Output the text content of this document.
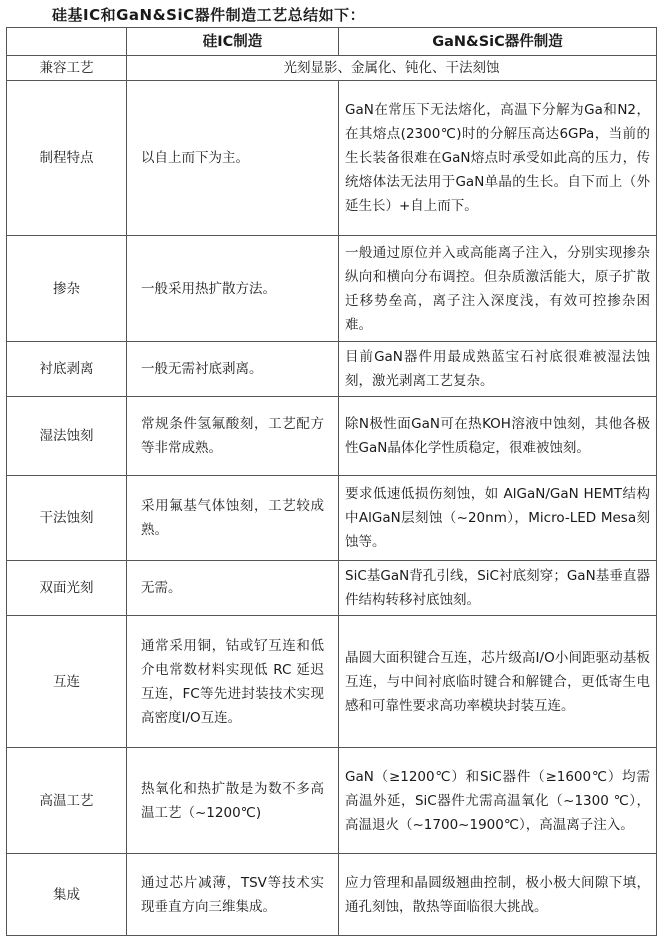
硅基IC和GaN&SiC器件制造工艺总结如下：
	硅IC制造	GaN&SiC器件制造
兼容工艺	光刻显影、金属化、钝化、干法刻蚀	
制程特点	以自上而下为主。	GaN在常压下无法熔化，高温下分解为Ga和N2，在其熔点(2300℃)时的分解压高达6GPa，当前的生长装备很难在GaN熔点时承受如此高的压力，传统熔体法无法用于GaN单晶的生长。自下而上（外延生长）+自上而下。
掺杂	一般采用热扩散方法。	一般通过原位并入或高能离子注入，分别实现掺杂纵向和横向分布调控。但杂质激活能大，原子扩散迁移势垒高，离子注入深度浅，有效可控掺杂困难。
衬底剥离	一般无需衬底剥离。	目前GaN器件用最成熟蓝宝石衬底很难被湿法蚀刻，激光剥离工艺复杂。
湿法蚀刻	常规条件氢氟酸刻，工艺配方等非常成熟。	除N极性面GaN可在热KOH溶液中蚀刻，其他各极性GaN晶体化学性质稳定，很难被蚀刻。
干法蚀刻	采用氟基气体蚀刻，工艺较成熟。	要求低速低损伤刻蚀，如 AlGaN/GaN HEMT结构中AlGaN层刻蚀（~20nm），Micro-LED Mesa刻蚀等。
双面光刻	无需。	SiC基GaN背孔引线，SiC衬底刻穿；GaN基垂直器件结构转移衬底蚀刻。
互连	通常采用铜，钴或钌互连和低介电常数材料实现低 RC 延迟互连，FC等先进封装技术实现高密度I/O互连。	晶圆大面积键合互连，芯片级高I/O小间距驱动基板互连，与中间衬底临时键合和解键合，更低寄生电感和可靠性要求高功率模块封装互连。
高温工艺	热氧化和热扩散是为数不多高温工艺（~1200℃)	GaN（≥1200℃）和SiC器件（≥1600℃）均需高温外延，SiC器件尤需高温氧化（~1300 ℃），高温退火（~1700~1900℃），高温离子注入。
集成	通过芯片减薄，TSV等技术实现垂直方向三维集成。	应力管理和晶圆级翘曲控制，极小极大间隙下填，通孔刻蚀，散热等面临很大挑战。
